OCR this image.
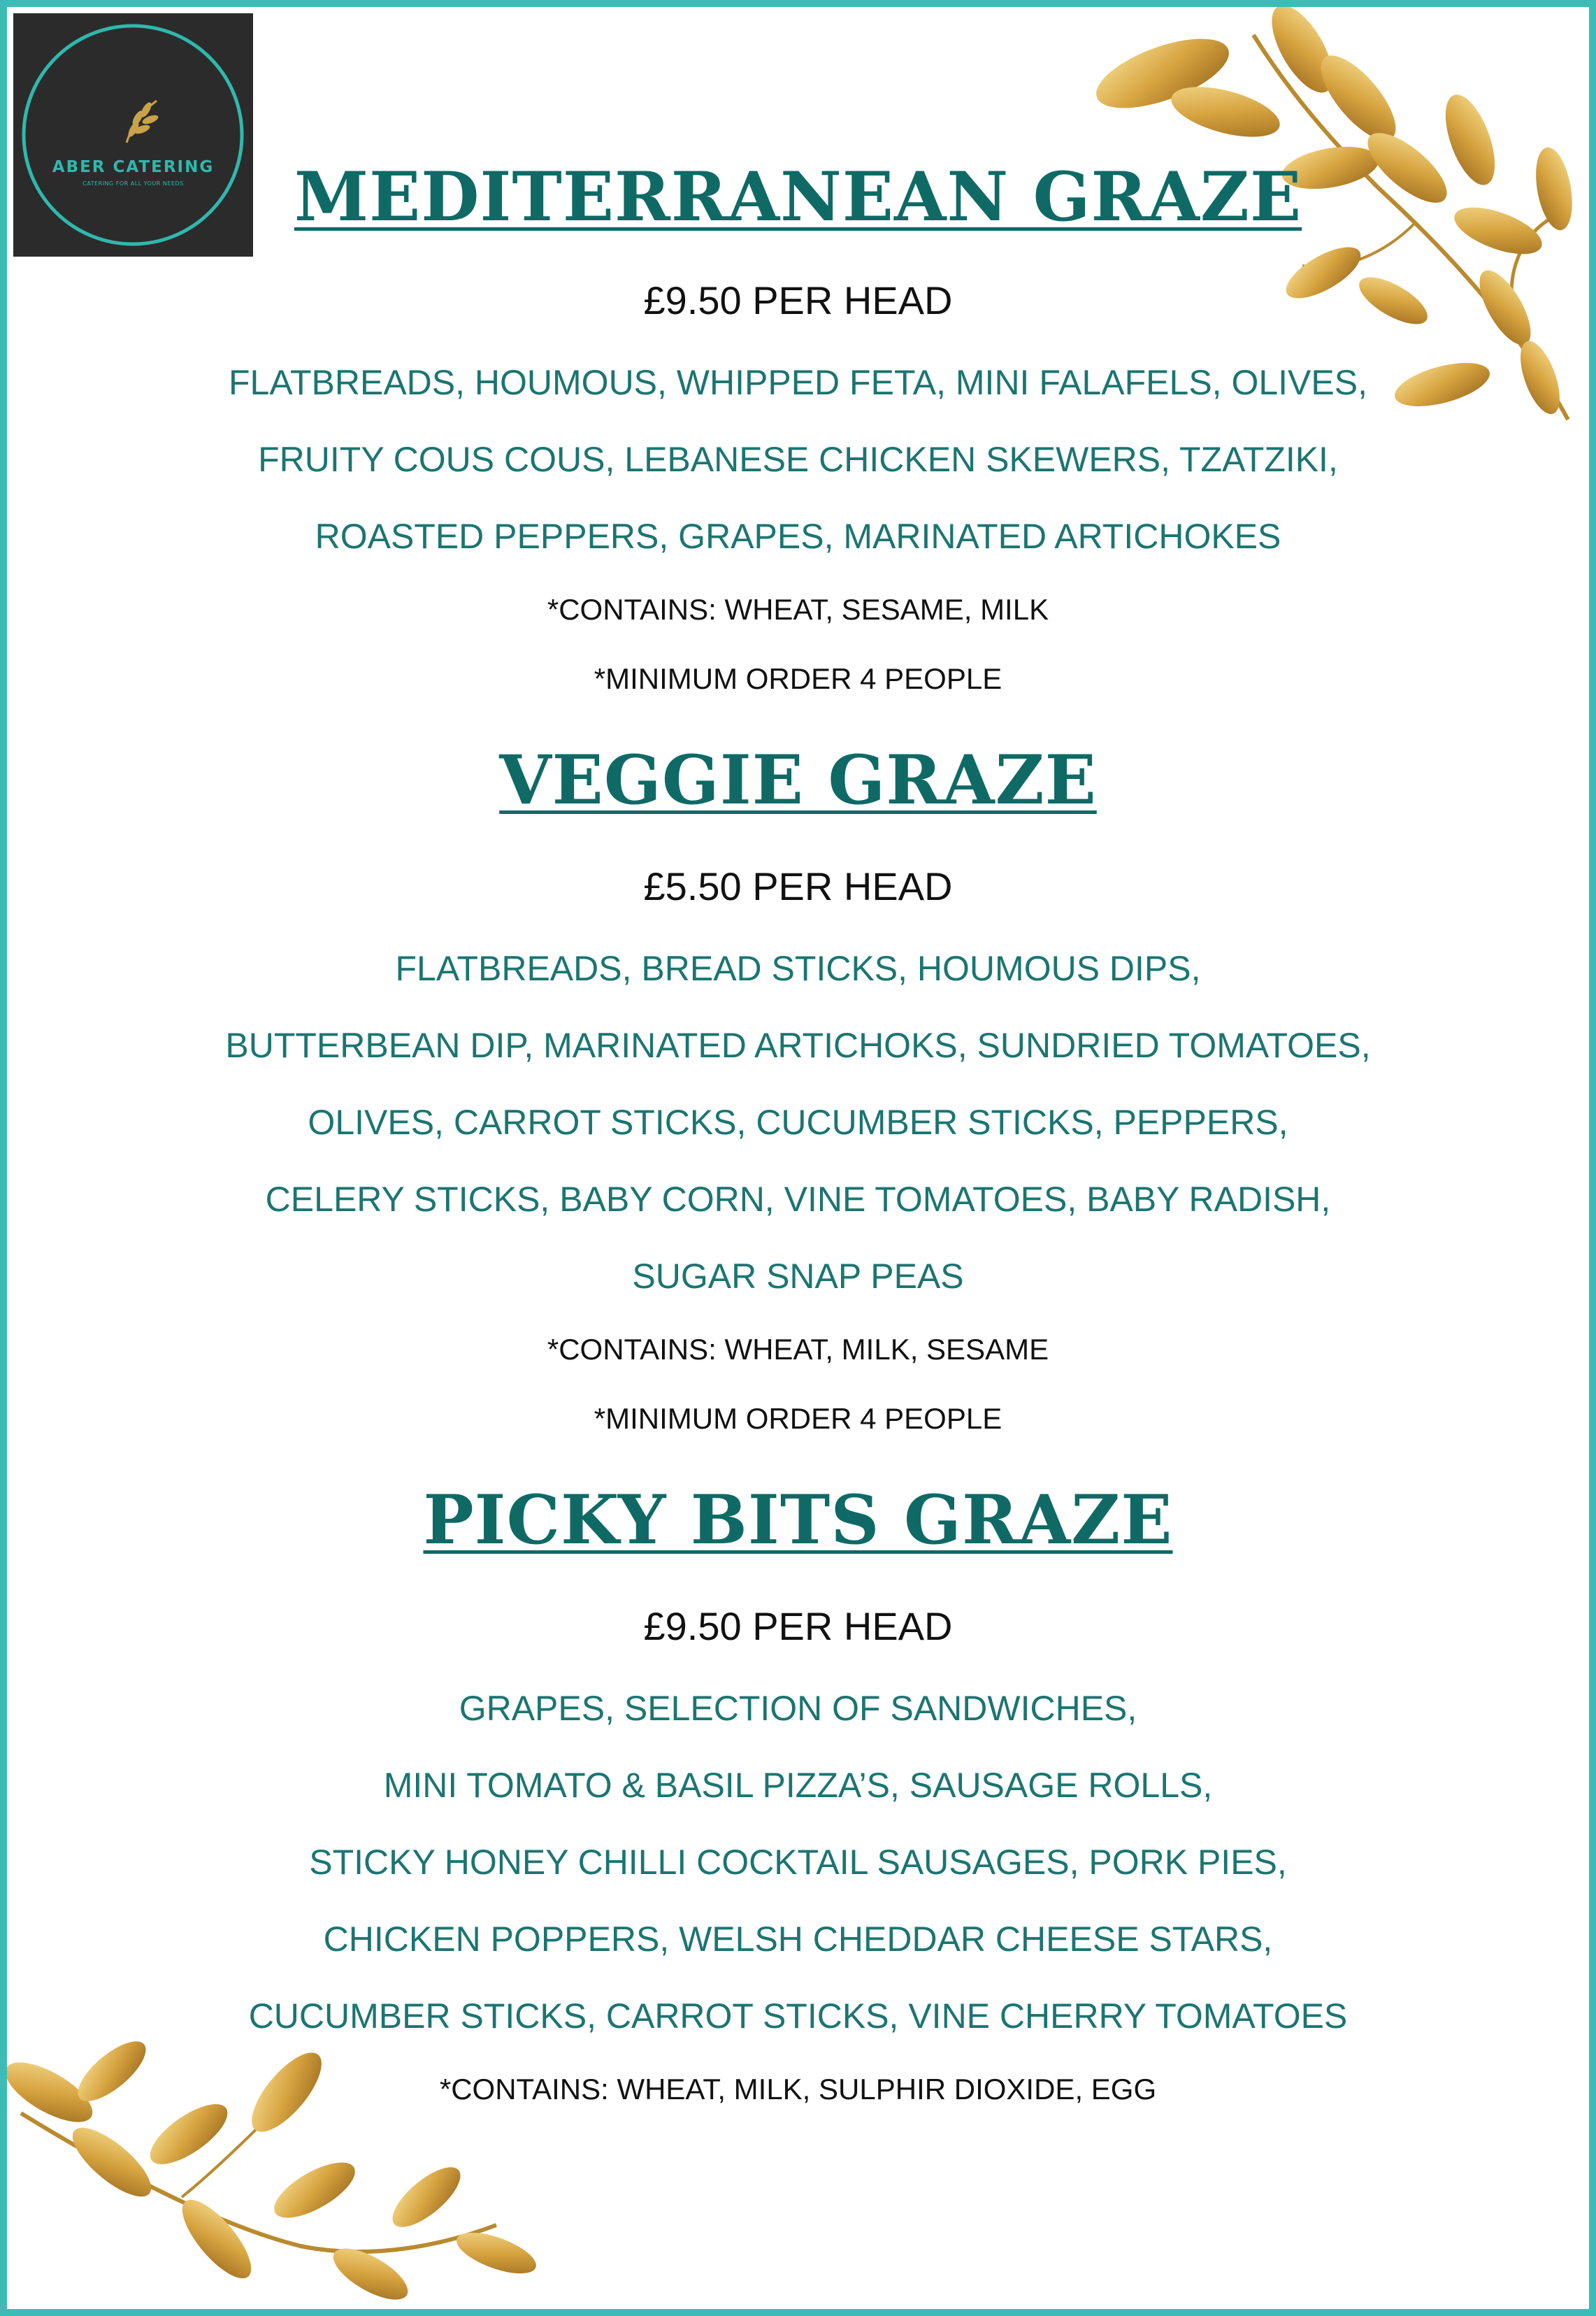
ABER CATERING
CATERING FOR ALL YOUR NEEDS	MEDITERRANEAN GRAZE
£9.50 PER HEAD
FLATBREADS, HOUMOUS, WHIPPED FETA, MINI FALAFELS, OLIVES,
FRUITY COUS COUS, LEBANESE CHICKEN SKEWERS, TZATZIKI,
ROASTED PEPPERS, GRAPES, MARINATED ARTICHOKES
*CONTAINS: WHEAT, SESAME, MILK
*MINIMUM ORDER 4 PEOPLE
VEGGIE GRAZE
£5.50 PER HEAD
FLATBREADS, BREAD STICKS, HOUMOUS DIPS,
BUTTERBEAN DIP, MARINATED ARTICHOKS, SUNDRIED TOMATOES,
OLIVES, CARROT STICKS, CUCUMBER STICKS, PEPPERS,
CELERY STICKS, BABY CORN, VINE TOMATOES, BABY RADISH,
SUGAR SNAP PEAS
*CONTAINS: WHEAT, MILK, SESAME
*MINIMUM ORDER 4 PEOPLE
PICKY BITS GRAZE
£9.50 PER HEAD
GRAPES, SELECTION OF SANDWICHES,
MINI TOMATO & BASIL PIZZA’S, SAUSAGE ROLLS,
STICKY HONEY CHILLI COCKTAIL SAUSAGES, PORK PIES,
CHICKEN POPPERS, WELSH CHEDDAR CHEESE STARS,
CUCUMBER STICKS, CARROT STICKS, VINE CHERRY TOMATOES
*CONTAINS: WHEAT, MILK, SULPHIR DIOXIDE, EGG
